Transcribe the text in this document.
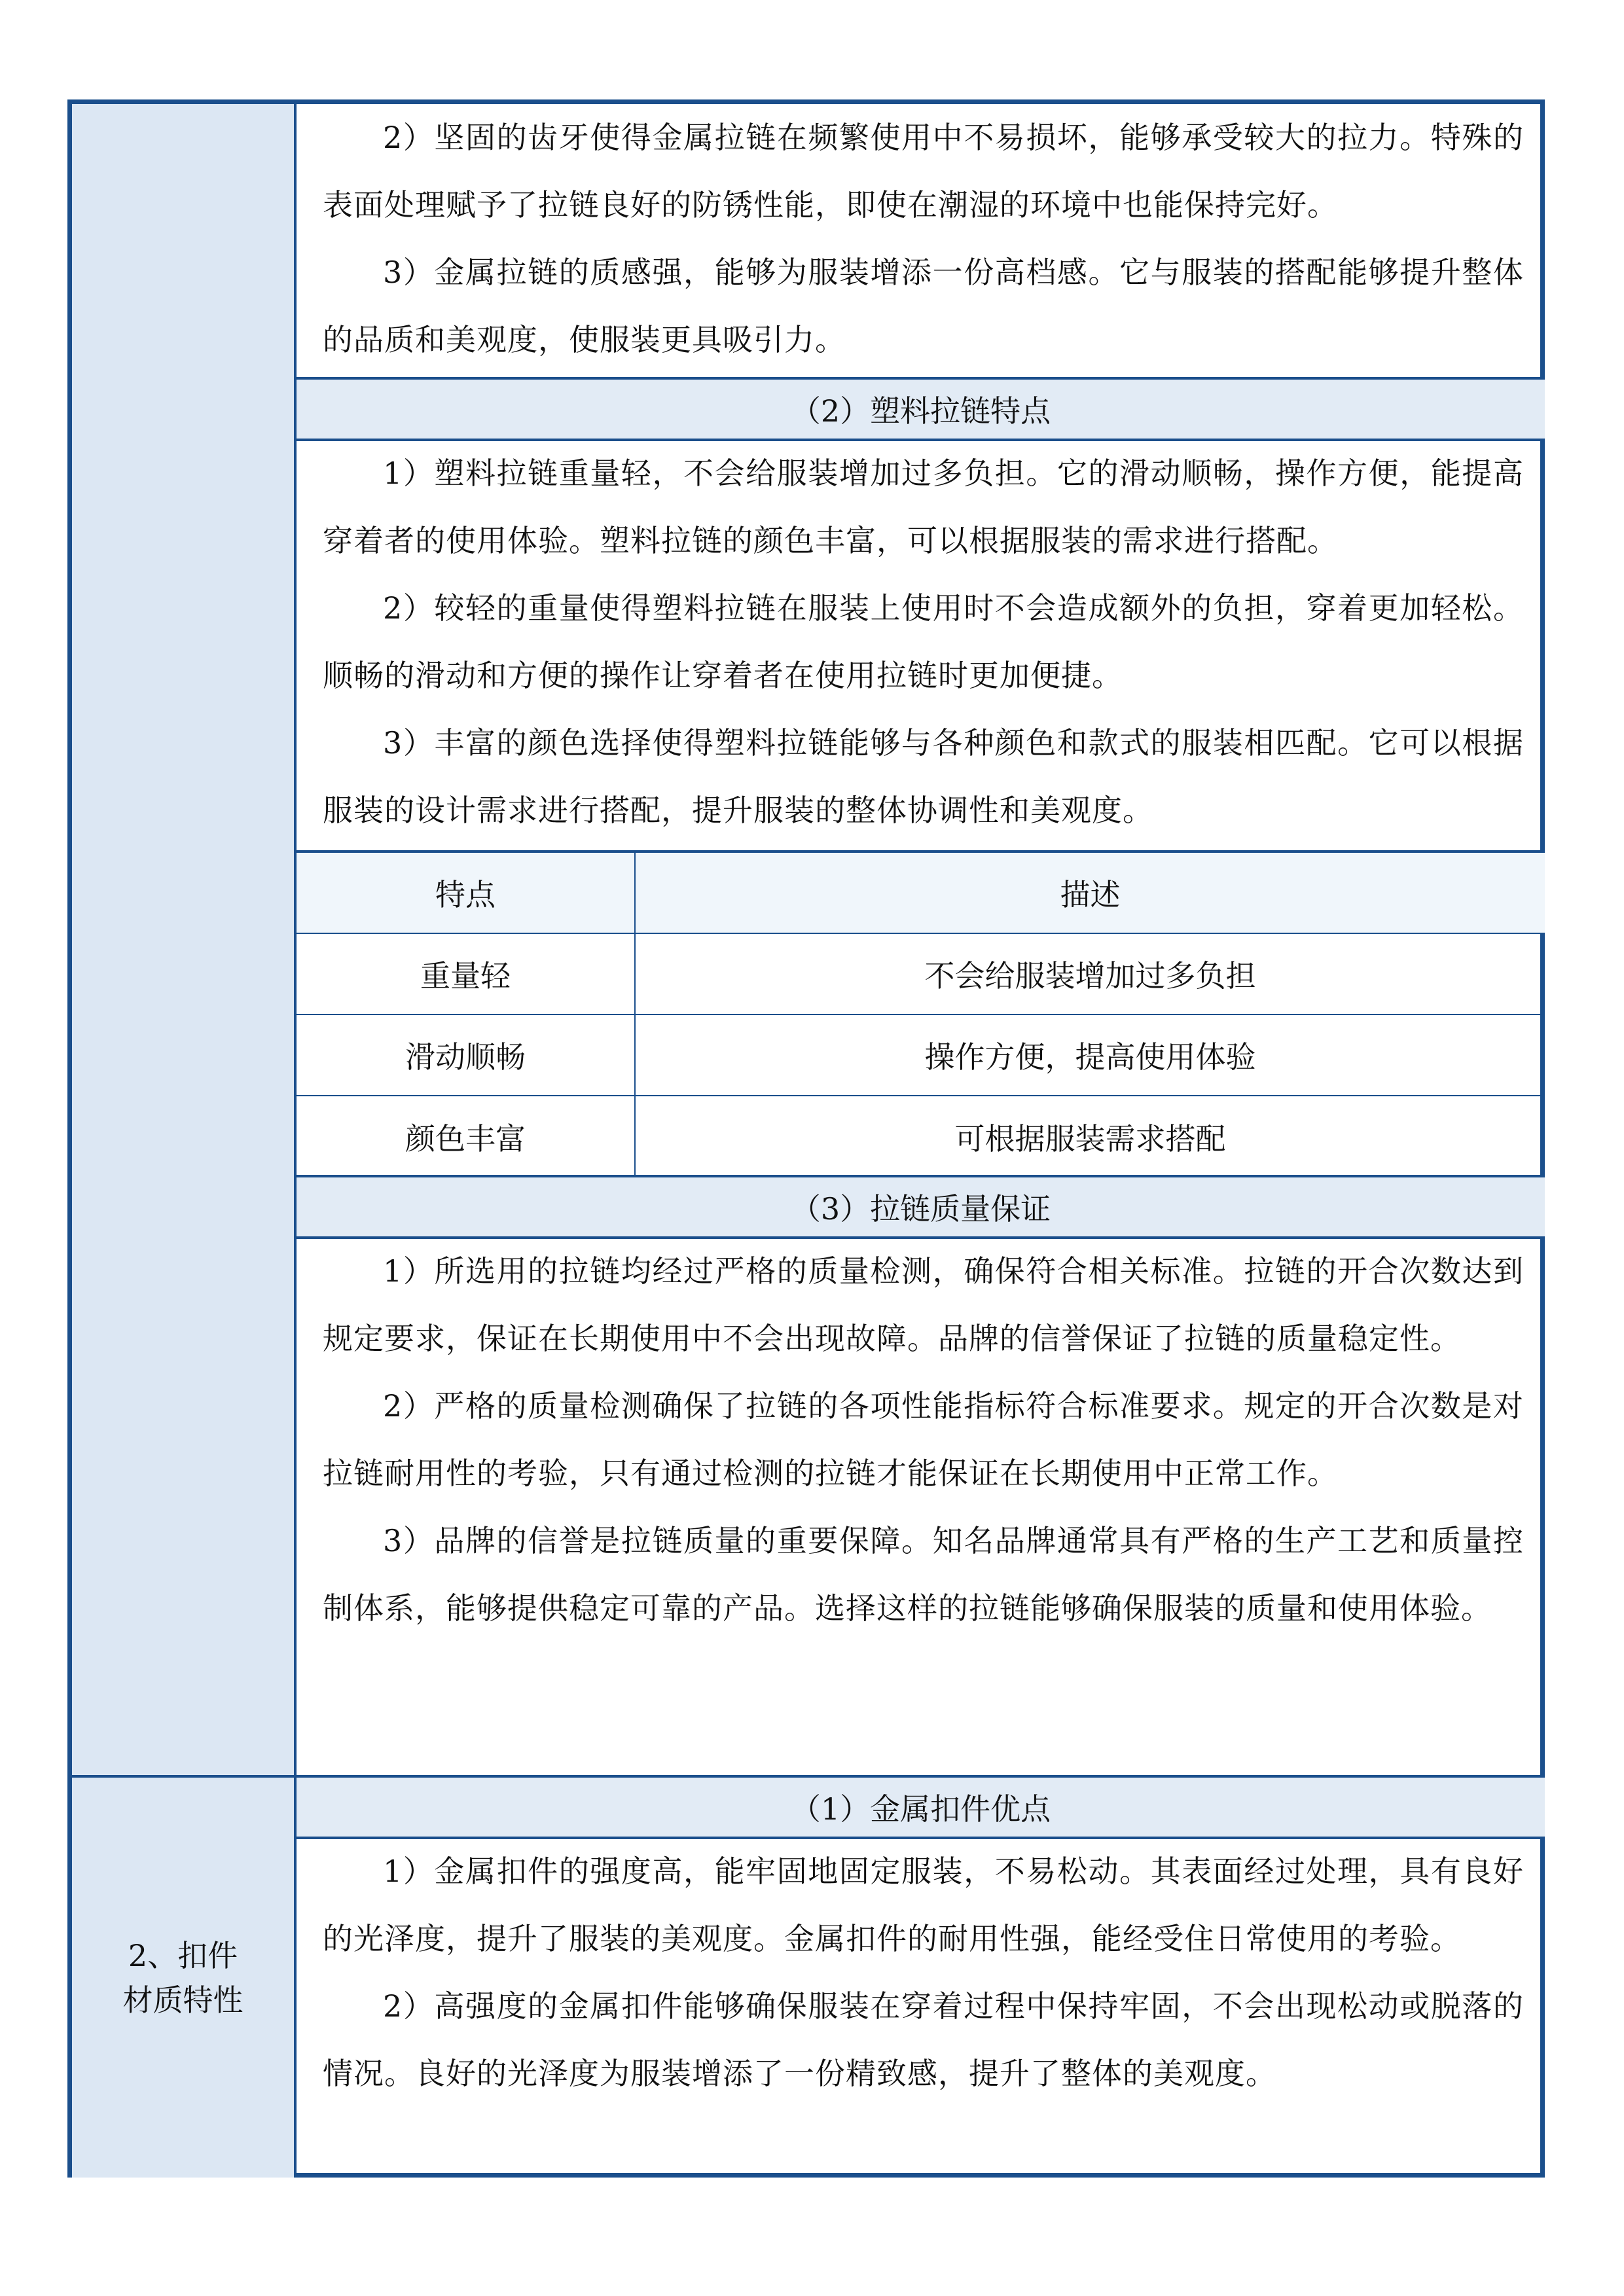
2、扣件材质特性

2）坚固的齿牙使得金属拉链在频繁使用中不易损坏，能够承受较大的拉力。特殊的表面处理赋予了拉链良好的防锈性能，即使在潮湿的环境中也能保持完好。

3）金属拉链的质感强，能够为服装增添一份高档感。它与服装的搭配能够提升整体的品质和美观度，使服装更具吸引力。

（2）塑料拉链特点

1）塑料拉链重量轻，不会给服装增加过多负担。它的滑动顺畅，操作方便，能提高穿着者的使用体验。塑料拉链的颜色丰富，可以根据服装的需求进行搭配。

2）较轻的重量使得塑料拉链在服装上使用时不会造成额外的负担，穿着更加轻松。顺畅的滑动和方便的操作让穿着者在使用拉链时更加便捷。

3）丰富的颜色选择使得塑料拉链能够与各种颜色和款式的服装相匹配。它可以根据服装的设计需求进行搭配，提升服装的整体协调性和美观度。

特点	描述
重量轻	不会给服装增加过多负担
滑动顺畅	操作方便，提高使用体验
颜色丰富	可根据服装需求搭配
（3）拉链质量保证

1）所选用的拉链均经过严格的质量检测，确保符合相关标准。拉链的开合次数达到规定要求，保证在长期使用中不会出现故障。品牌的信誉保证了拉链的质量稳定性。

2）严格的质量检测确保了拉链的各项性能指标符合标准要求。规定的开合次数是对拉链耐用性的考验，只有通过检测的拉链才能保证在长期使用中正常工作。

3）品牌的信誉是拉链质量的重要保障。知名品牌通常具有严格的生产工艺和质量控制体系，能够提供稳定可靠的产品。选择这样的拉链能够确保服装的质量和使用体验。

（1）金属扣件优点

1）金属扣件的强度高，能牢固地固定服装，不易松动。其表面经过处理，具有良好的光泽度，提升了服装的美观度。金属扣件的耐用性强，能经受住日常使用的考验。

2）高强度的金属扣件能够确保服装在穿着过程中保持牢固，不会出现松动或脱落的情况。良好的光泽度为服装增添了一份精致感，提升了整体的美观度。
